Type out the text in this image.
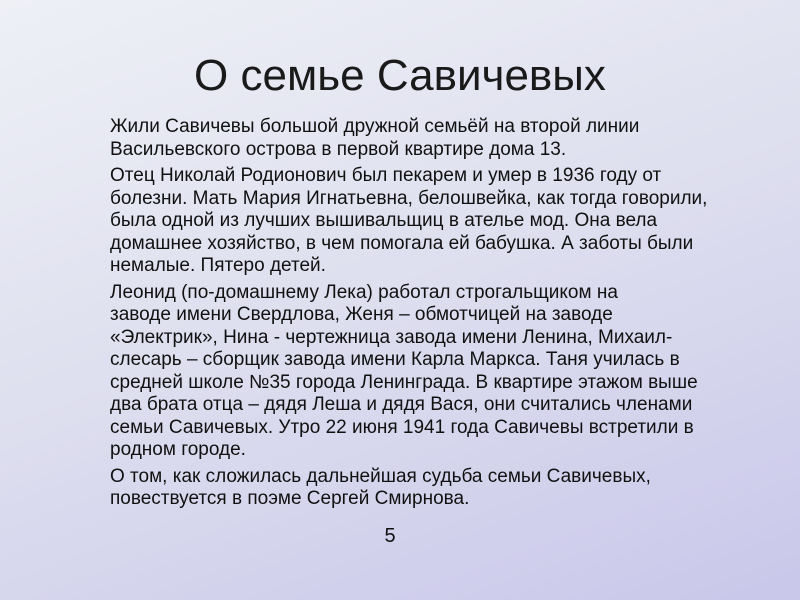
О семье Савичевых

Жили Савичевы большой дружной семьёй на второй линии
Васильевского острова в первой квартире дома 13.

Отец Николай Родионович был пекарем и умер в 1936 году от
болезни. Мать Мария Игнатьевна, белошвейка, как тогда говорили,
была одной из лучших вышивальщиц в ателье мод. Она вела
домашнее хозяйство, в чем помогала ей бабушка. А заботы были
немалые. Пятеро детей.

Леонид (по-домашнему Лека) работал строгальщиком на
заводе имени Свердлова, Женя – обмотчицей на заводе
«Электрик», Нина - чертежница завода имени Ленина, Михаил-
слесарь – сборщик завода имени Карла Маркса. Таня училась в
средней школе №35 города Ленинграда. В квартире этажом выше
два брата отца – дядя Леша и дядя Вася, они считались членами
семьи Савичевых. Утро 22 июня 1941 года Савичевы встретили в
родном городе.

О том, как сложилась дальнейшая судьба семьи Савичевых,
повествуется в поэме Сергей Смирнова.

5
